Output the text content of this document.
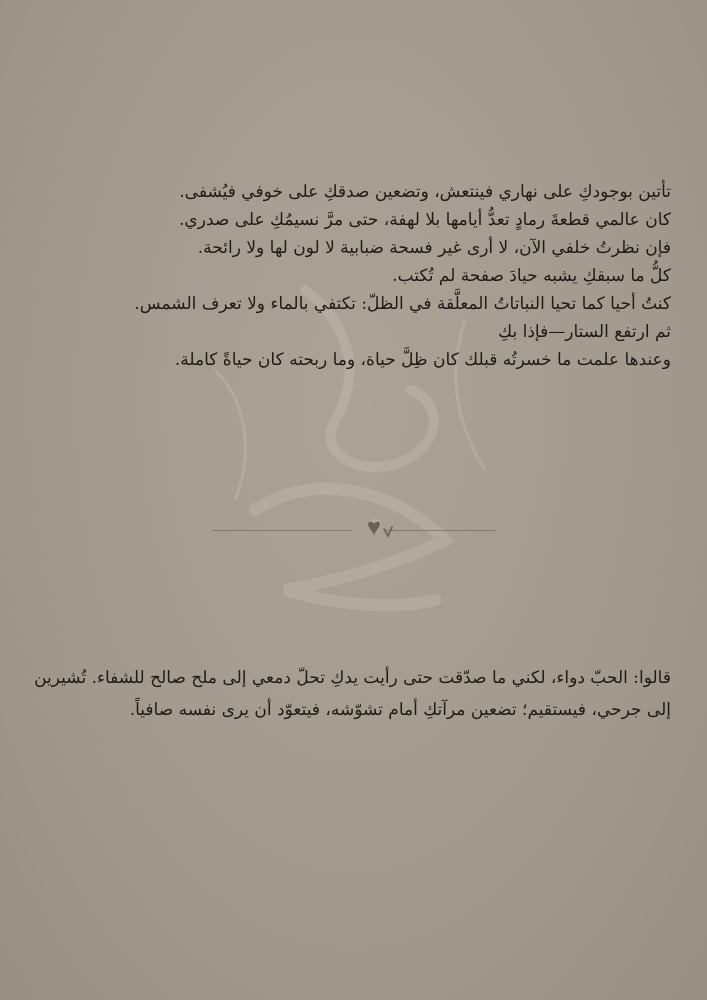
تأتين بوجودكِ على نهاري فينتعش، وتضعين صدقكِ على خوفي فيُشفى.
كان عالمي قطعةَ رمادٍ تعدُّ أيامها بلا لهفة، حتى مرَّ نسيمُكِ على صدري.
فإن نظرتُ خلفي الآن، لا أرى غير فسحة ضبابية لا لون لها ولا رائحة.
كلُّ ما سبقكِ يشبه حيادَ صفحة لم تُكتب.
كنتُ أحيا كما تحيا النباتاتُ المعلَّقة في الظلّ: تكتفي بالماء ولا تعرف الشمس.
ثم ارتفع الستار—فإذا بكِ
وعندها علمت ما خسرتُه قبلك كان ظِلَّ حياة، وما ربحته كان حياةً كاملة.
قالوا: الحبّ دواء، لكني ما صدّقت حتى رأيت يدكِ تحلّ دمعي إلى ملح صالح للشفاء. تُشيرين إلى جرحي، فيستقيم؛ تضعين مرآتكِ أمام تشوّشه، فيتعوّد أن يرى نفسه صافياً.
